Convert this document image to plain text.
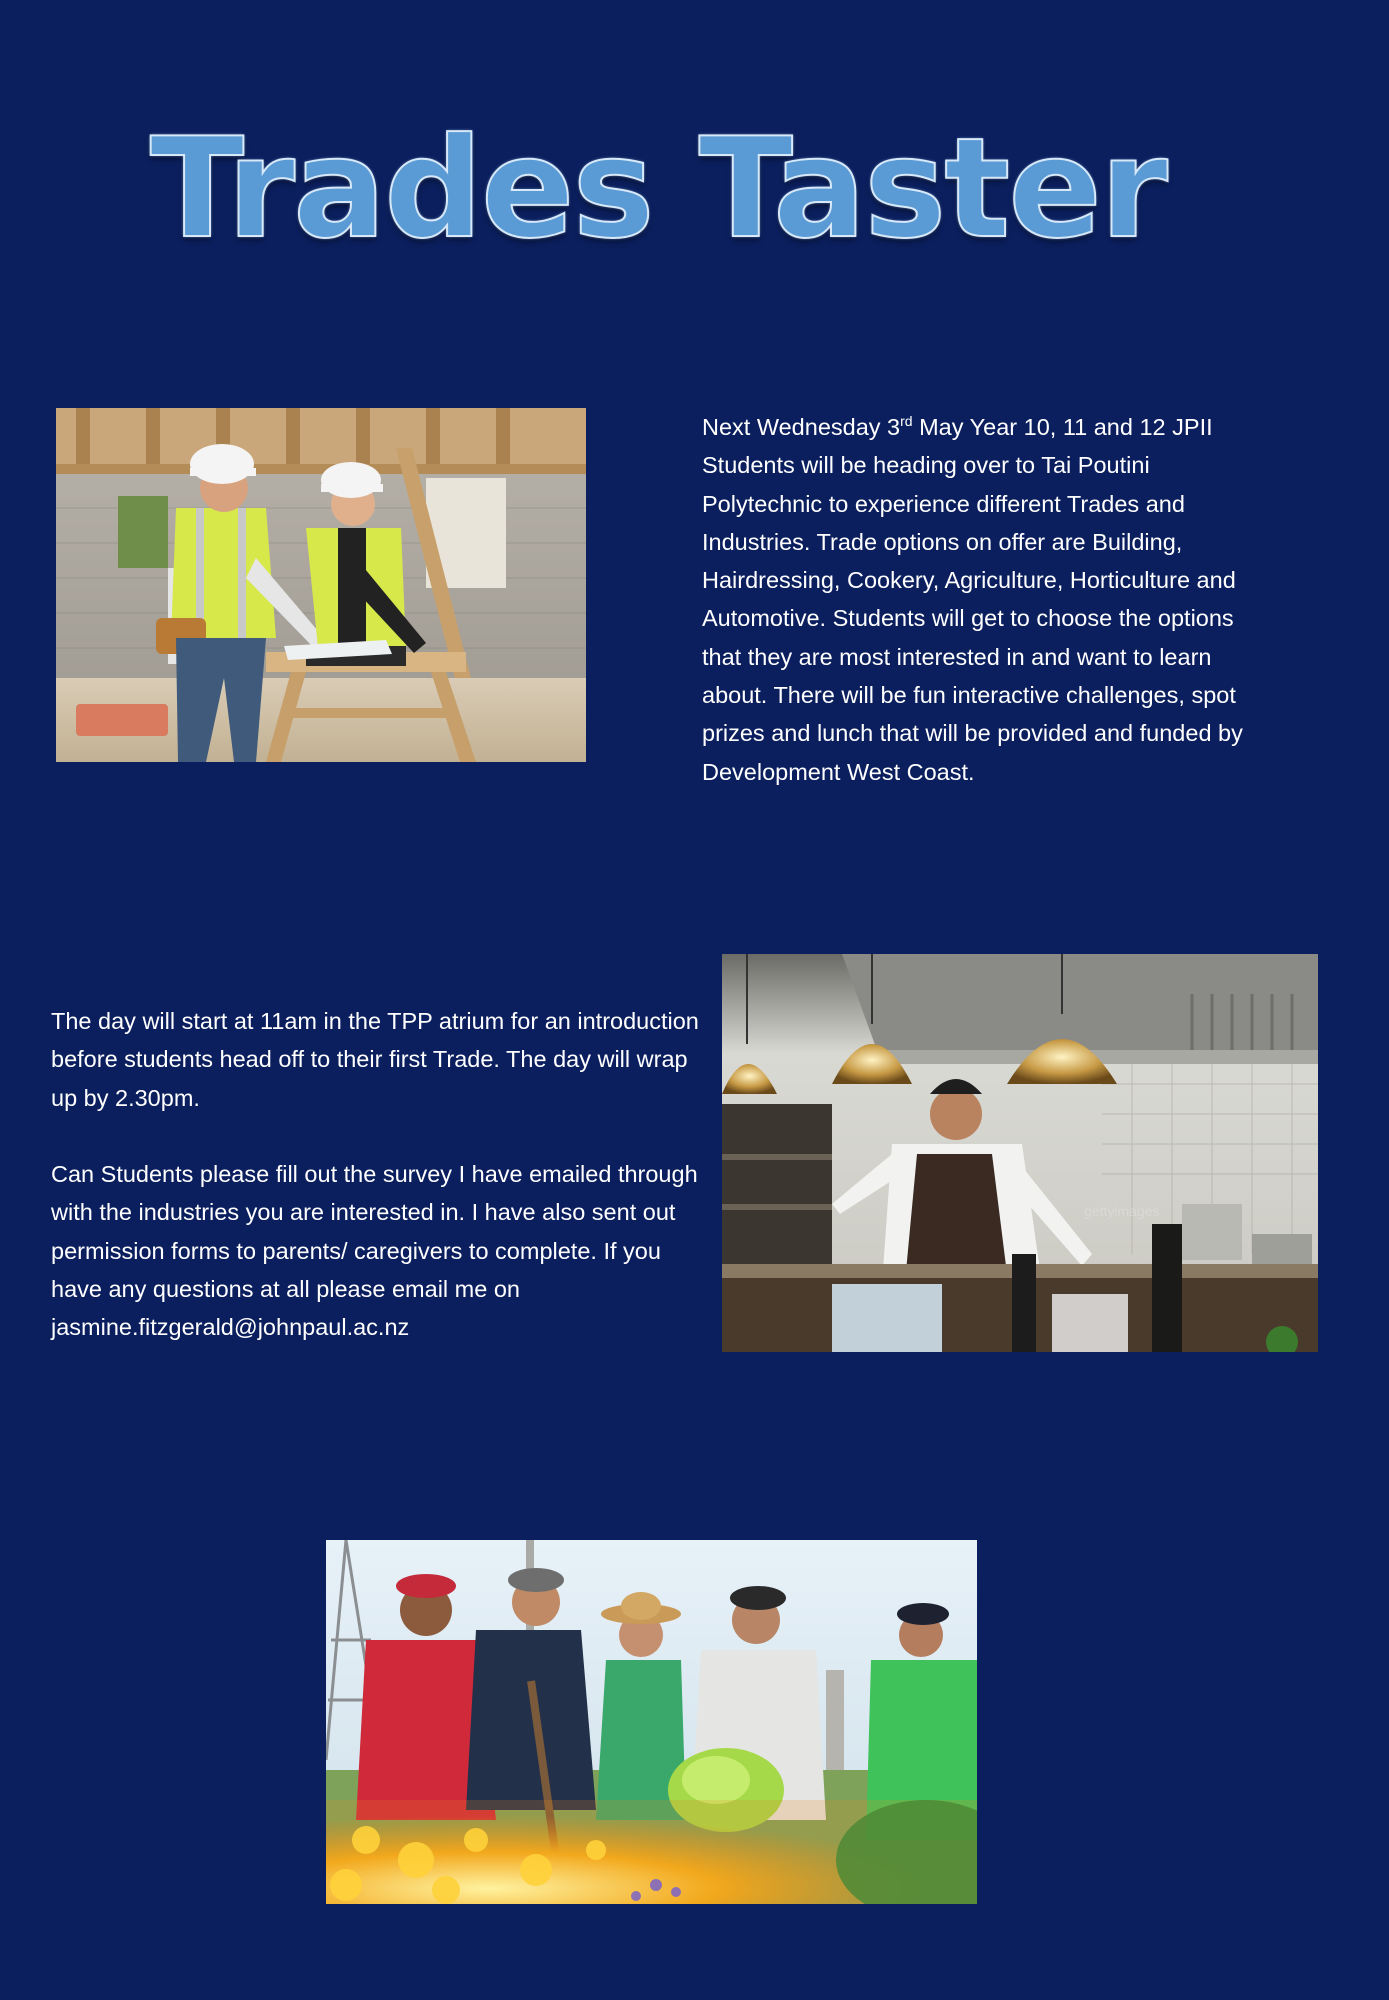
Trades Taster

Next Wednesday 3rd May Year 10, 11 and 12 JPII Students will be heading over to Tai Poutini Polytechnic to experience different Trades and Industries. Trade options on offer are Building, Hairdressing, Cookery, Agriculture, Horticulture and Automotive. Students will get to choose the options that they are most interested in and want to learn about. There will be fun interactive challenges, spot prizes and lunch that will be provided and funded by Development West Coast.

gettyimages

The day will start at 11am in the TPP atrium for an introduction before students head off to their first Trade. The day will wrap up by 2.30pm.

Can Students please fill out the survey I have emailed through with the industries you are interested in. I have also sent out permission forms to parents/ caregivers to complete. If you have any questions at all please email me on jasmine.fitzgerald@johnpaul.ac.nz
